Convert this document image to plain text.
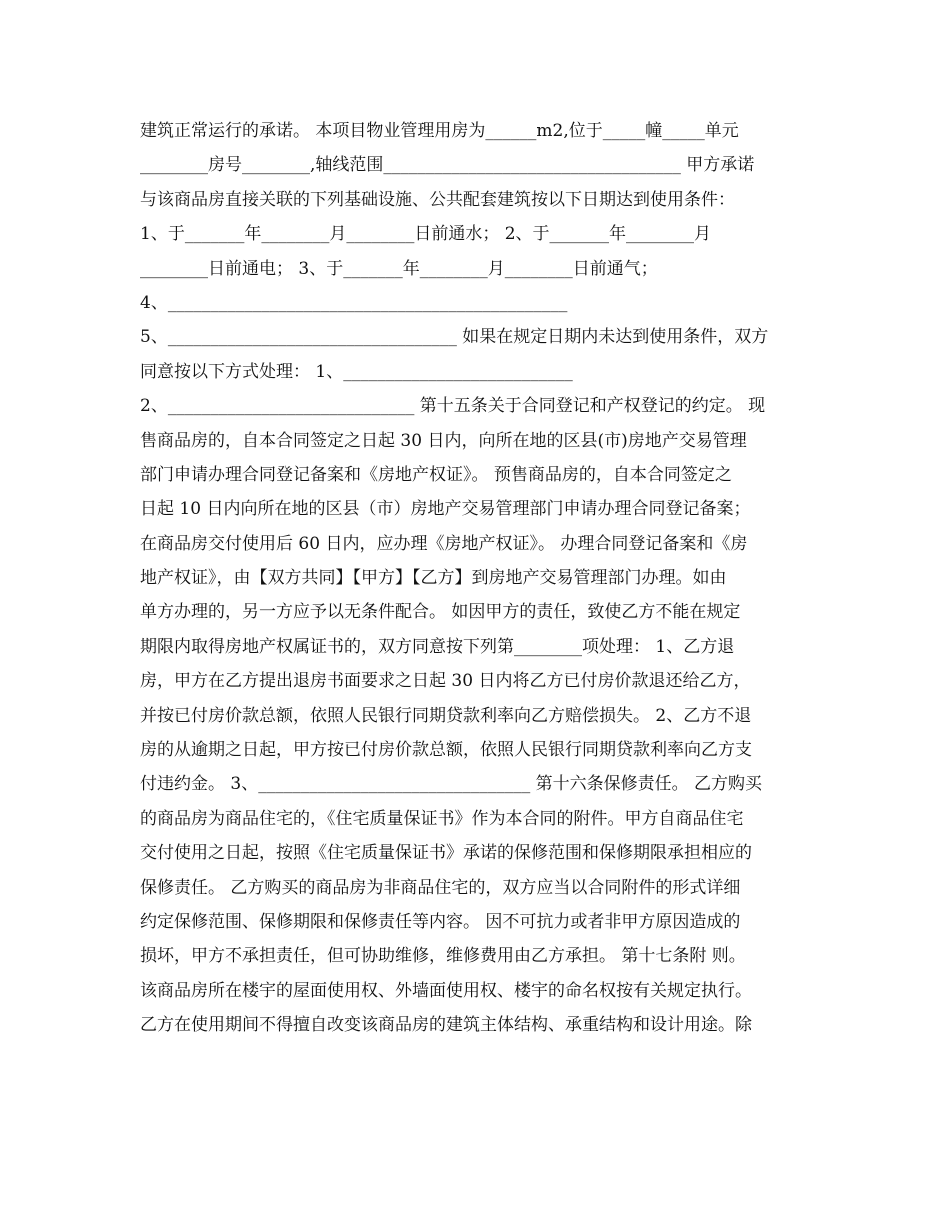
建筑正常运行的承诺。 本项目物业管理用房为______m2,位于_____幢_____单元
________房号________,轴线范围___________________________________ 甲方承诺
与该商品房直接关联的下列基础设施、公共配套建筑按以下日期达到使用条件：
1、于_______年________月________日前通水； 2、于_______年________月
________日前通电； 3、于_______年________月________日前通气；
4、_______________________________________________
5、__________________________________ 如果在规定日期内未达到使用条件，双方
同意按以下方式处理： 1、___________________________
2、_____________________________ 第十五条关于合同登记和产权登记的约定。 现
售商品房的，自本合同签定之日起 30 日内，向所在地的区县(市)房地产交易管理
部门申请办理合同登记备案和《房地产权证》。 预售商品房的，自本合同签定之
日起 10 日内向所在地的区县（市）房地产交易管理部门申请办理合同登记备案；
在商品房交付使用后 60 日内，应办理《房地产权证》。 办理合同登记备案和《房
地产权证》，由【双方共同】【甲方】【乙方】到房地产交易管理部门办理。如由
单方办理的，另一方应予以无条件配合。 如因甲方的责任，致使乙方不能在规定
期限内取得房地产权属证书的，双方同意按下列第________项处理： 1、乙方退
房，甲方在乙方提出退房书面要求之日起 30 日内将乙方已付房价款退还给乙方，
并按已付房价款总额，依照人民银行同期贷款利率向乙方赔偿损失。 2、乙方不退
房的从逾期之日起，甲方按已付房价款总额，依照人民银行同期贷款利率向乙方支
付违约金。 3、________________________________ 第十六条保修责任。 乙方购买
的商品房为商品住宅的，《住宅质量保证书》作为本合同的附件。甲方自商品住宅
交付使用之日起，按照《住宅质量保证书》承诺的保修范围和保修期限承担相应的
保修责任。 乙方购买的商品房为非商品住宅的，双方应当以合同附件的形式详细
约定保修范围、保修期限和保修责任等内容。 因不可抗力或者非甲方原因造成的
损坏，甲方不承担责任，但可协助维修，维修费用由乙方承担。 第十七条附 则。
该商品房所在楼宇的屋面使用权、外墙面使用权、楼宇的命名权按有关规定执行。
乙方在使用期间不得擅自改变该商品房的建筑主体结构、承重结构和设计用途。除
